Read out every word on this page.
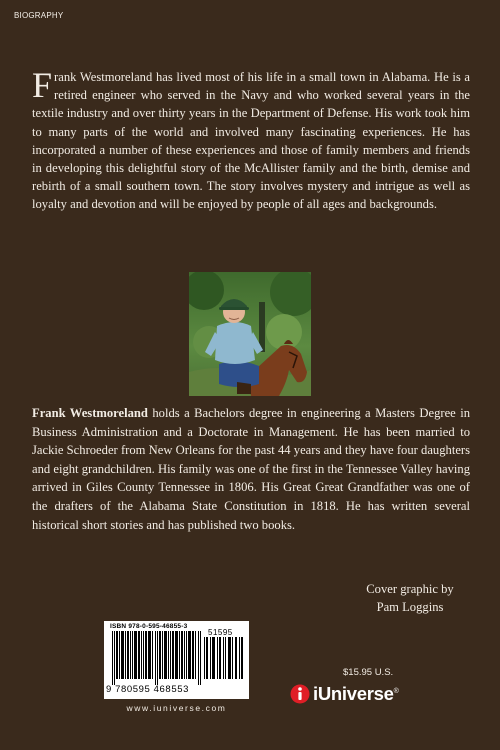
BIOGRAPHY

Frank Westmoreland has lived most of his life in a small town in Alabama. He is a retired engineer who served in the Navy and who worked several years in the textile industry and over thirty years in the Department of Defense. His work took him to many parts of the world and involved many fascinating experiences. He has incorporated a number of these experiences and those of family members and friends in developing this delightful story of the McAllister family and the birth, demise and rebirth of a small southern town. The story involves mystery and intrigue as well as loyalty and devotion and will be enjoyed by people of all ages and backgrounds.

Frank Westmoreland holds a Bachelors degree in engineering a Masters Degree in Business Administration and a Doctorate in Management. He has been married to Jackie Schroeder from New Orleans for the past 44 years and they have four daughters and eight grandchildren. His family was one of the first in the Tennessee Valley having arrived in Giles County Tennessee in 1806. His Great Great Grandfather was one of the drafters of the Alabama State Constitution in 1818. He has written several historical short stories and has published two books.

Cover graphic by
Pam Loggins
ISBN 978-0-595-46855-3
51595
9 780595 468553
www.iuniverse.com
$15.95 U.S.
iUniverse®
